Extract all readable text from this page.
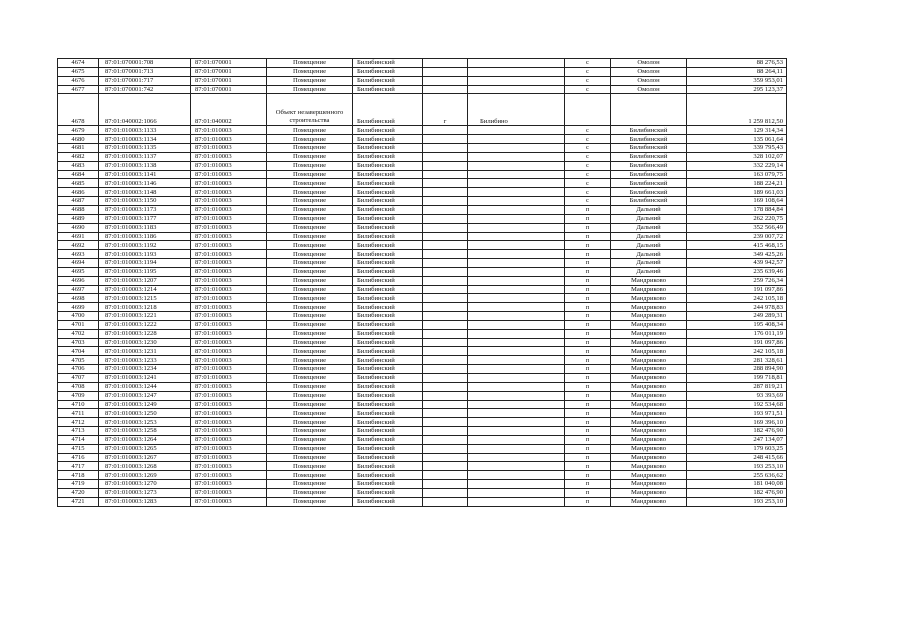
4674	87:01:070001:708	87:01:070001	Помещение	Билибинский			с	Омолон	88 276,53
4675	87:01:070001:713	87:01:070001	Помещение	Билибинский			с	Омолон	88 264,11
4676	87:01:070001:717	87:01:070001	Помещение	Билибинский			с	Омолон	359 953,01
4677	87:01:070001:742	87:01:070001	Помещение	Билибинский			с	Омолон	295 123,37
4678	87:01:040002:1066	87:01:040002	Объект незавершенного строительства	Билибинский	г	Билибино			1 259 812,50
4679	87:01:010003:1133	87:01:010003	Помещение	Билибинский			с	Билибинский	129 314,34
4680	87:01:010003:1134	87:01:010003	Помещение	Билибинский			с	Билибинский	135 061,64
4681	87:01:010003:1135	87:01:010003	Помещение	Билибинский			с	Билибинский	339 795,43
4682	87:01:010003:1137	87:01:010003	Помещение	Билибинский			с	Билибинский	328 102,07
4683	87:01:010003:1138	87:01:010003	Помещение	Билибинский			с	Билибинский	332 229,14
4684	87:01:010003:1141	87:01:010003	Помещение	Билибинский			с	Билибинский	163 079,75
4685	87:01:010003:1146	87:01:010003	Помещение	Билибинский			с	Билибинский	188 224,21
4686	87:01:010003:1148	87:01:010003	Помещение	Билибинский			с	Билибинский	189 661,03
4687	87:01:010003:1150	87:01:010003	Помещение	Билибинский			с	Билибинский	169 108,64
4688	87:01:010003:1173	87:01:010003	Помещение	Билибинский			п	Дальний	178 884,84
4689	87:01:010003:1177	87:01:010003	Помещение	Билибинский			п	Дальний	262 220,75
4690	87:01:010003:1183	87:01:010003	Помещение	Билибинский			п	Дальний	352 566,49
4691	87:01:010003:1186	87:01:010003	Помещение	Билибинский			п	Дальний	239 007,72
4692	87:01:010003:1192	87:01:010003	Помещение	Билибинский			п	Дальний	415 468,15
4693	87:01:010003:1193	87:01:010003	Помещение	Билибинский			п	Дальний	349 425,26
4694	87:01:010003:1194	87:01:010003	Помещение	Билибинский			п	Дальний	439 942,57
4695	87:01:010003:1195	87:01:010003	Помещение	Билибинский			п	Дальний	235 639,46
4696	87:01:010003:1207	87:01:010003	Помещение	Билибинский			п	Мандриково	259 726,34
4697	87:01:010003:1214	87:01:010003	Помещение	Билибинский			п	Мандриково	191 097,86
4698	87:01:010003:1215	87:01:010003	Помещение	Билибинский			п	Мандриково	242 105,18
4699	87:01:010003:1218	87:01:010003	Помещение	Билибинский			п	Мандриково	244 978,83
4700	87:01:010003:1221	87:01:010003	Помещение	Билибинский			п	Мандриково	249 289,31
4701	87:01:010003:1222	87:01:010003	Помещение	Билибинский			п	Мандриково	195 408,34
4702	87:01:010003:1228	87:01:010003	Помещение	Билибинский			п	Мандриково	176 011,19
4703	87:01:010003:1230	87:01:010003	Помещение	Билибинский			п	Мандриково	191 097,86
4704	87:01:010003:1231	87:01:010003	Помещение	Билибинский			п	Мандриково	242 105,18
4705	87:01:010003:1233	87:01:010003	Помещение	Билибинский			п	Мандриково	281 328,61
4706	87:01:010003:1234	87:01:010003	Помещение	Билибинский			п	Мандриково	288 894,90
4707	87:01:010003:1241	87:01:010003	Помещение	Билибинский			п	Мандриково	199 718,81
4708	87:01:010003:1244	87:01:010003	Помещение	Билибинский			п	Мандриково	287 819,21
4709	87:01:010003:1247	87:01:010003	Помещение	Билибинский			п	Мандриково	93 393,69
4710	87:01:010003:1249	87:01:010003	Помещение	Билибинский			п	Мандриково	192 534,68
4711	87:01:010003:1250	87:01:010003	Помещение	Билибинский			п	Мандриково	193 971,51
4712	87:01:010003:1253	87:01:010003	Помещение	Билибинский			п	Мандриково	169 396,10
4713	87:01:010003:1258	87:01:010003	Помещение	Билибинский			п	Мандриково	182 476,90
4714	87:01:010003:1264	87:01:010003	Помещение	Билибинский			п	Мандриково	247 134,07
4715	87:01:010003:1265	87:01:010003	Помещение	Билибинский			п	Мандриково	179 603,25
4716	87:01:010003:1267	87:01:010003	Помещение	Билибинский			п	Мандриково	248 415,66
4717	87:01:010003:1268	87:01:010003	Помещение	Билибинский			п	Мандриково	193 253,10
4718	87:01:010003:1269	87:01:010003	Помещение	Билибинский			п	Мандриково	255 636,62
4719	87:01:010003:1270	87:01:010003	Помещение	Билибинский			п	Мандриково	181 040,08
4720	87:01:010003:1273	87:01:010003	Помещение	Билибинский			п	Мандриково	182 476,90
4721	87:01:010003:1283	87:01:010003	Помещение	Билибинский			п	Мандриково	193 253,10
